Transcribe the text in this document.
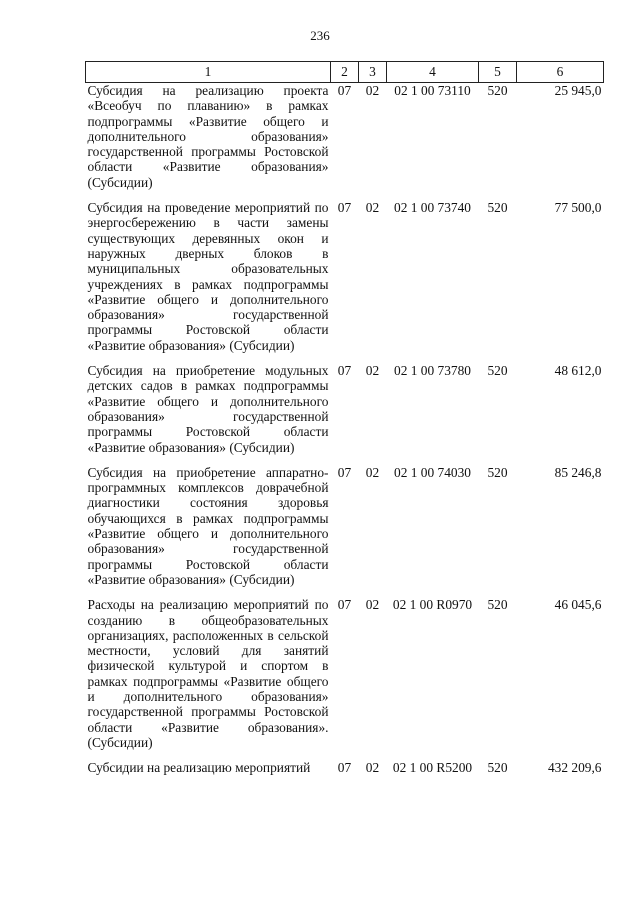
236
1	2	3	4	5	6
Субсидия на реализацию проекта «Всеобуч по плаванию» в рамках подпрограммы «Развитие общего и дополнительного образования» государственной программы Ростовской области «Развитие образования» (Субсидии)	07	02	02 1 00 73110	520	25 945,0
Субсидия на проведение мероприятий по энергосбережению в части замены существующих деревянных окон и наружных дверных блоков в муниципальных образовательных учреждениях в рамках подпрограммы «Развитие общего и дополнительного образования» государственной программы Ростовской области «Развитие образования» (Субсидии)	07	02	02 1 00 73740	520	77 500,0
Субсидия на приобретение модульных детских садов в рамках подпрограммы «Развитие общего и дополнительного образования» государственной программы Ростовской области «Развитие образования» (Субсидии)	07	02	02 1 00 73780	520	48 612,0
Субсидия на приобретение аппаратно-программных комплексов доврачебной диагностики состояния здоровья обучающихся в рамках подпрограммы «Развитие общего и дополнительного образования» государственной программы Ростовской области «Развитие образования» (Субсидии)	07	02	02 1 00 74030	520	85 246,8
Расходы на реализацию мероприятий по созданию в общеобразовательных организациях, расположенных в сельской местности, условий для занятий физической культурой и спортом в рамках подпрограммы «Развитие общего и дополнительного образования» государственной программы Ростовской области «Развитие образования». (Субсидии)	07	02	02 1 00 R0970	520	46 045,6
Субсидии на реализацию мероприятий	07	02	02 1 00 R5200	520	432 209,6
